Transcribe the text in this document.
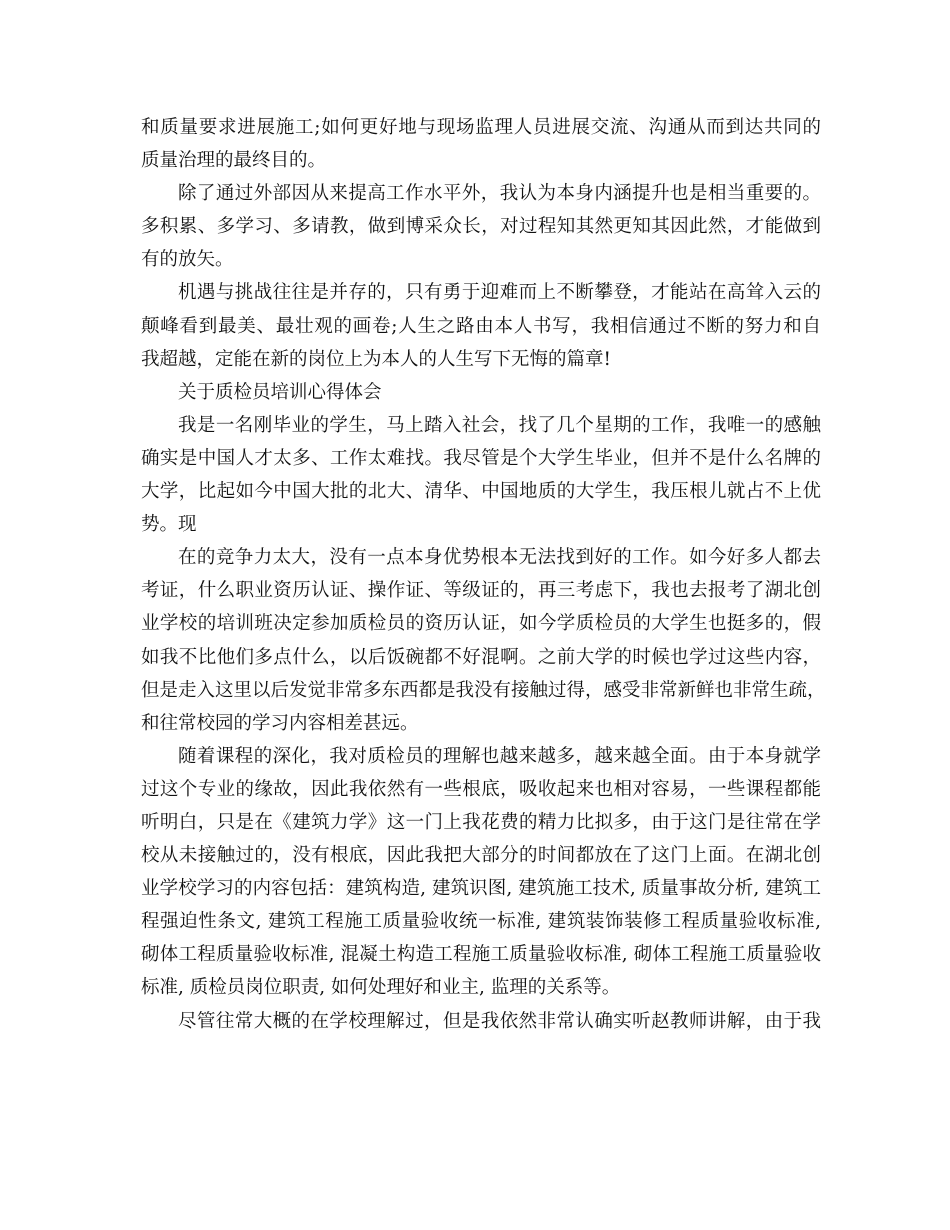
和质量要求进展施工;如何更好地与现场监理人员进展交流、沟通从而到达共同的
质量治理的最终目的。
除了通过外部因从来提高工作水平外，我认为本身内涵提升也是相当重要的。
多积累、多学习、多请教，做到博采众长，对过程知其然更知其因此然，才能做到
有的放矢。
机遇与挑战往往是并存的，只有勇于迎难而上不断攀登，才能站在高耸入云的
颠峰看到最美、最壮观的画卷;人生之路由本人书写，我相信通过不断的努力和自
我超越，定能在新的岗位上为本人的人生写下无悔的篇章!
关于质检员培训心得体会
我是一名刚毕业的学生，马上踏入社会，找了几个星期的工作，我唯一的感触
确实是中国人才太多、工作太难找。我尽管是个大学生毕业，但并不是什么名牌的
大学，比起如今中国大批的北大、清华、中国地质的大学生，我压根儿就占不上优
势。现
在的竞争力太大，没有一点本身优势根本无法找到好的工作。如今好多人都去
考证，什么职业资历认证、操作证、等级证的，再三考虑下，我也去报考了湖北创
业学校的培训班决定参加质检员的资历认证，如今学质检员的大学生也挺多的，假
如我不比他们多点什么，以后饭碗都不好混啊。之前大学的时候也学过这些内容，
但是走入这里以后发觉非常多东西都是我没有接触过得，感受非常新鲜也非常生疏，
和往常校园的学习内容相差甚远。
随着课程的深化，我对质检员的理解也越来越多，越来越全面。由于本身就学
过这个专业的缘故，因此我依然有一些根底，吸收起来也相对容易，一些课程都能
听明白，只是在《建筑力学》这一门上我花费的精力比拟多，由于这门是往常在学
校从未接触过的，没有根底，因此我把大部分的时间都放在了这门上面。在湖北创
业学校学习的内容包括：建筑构造, 建筑识图, 建筑施工技术, 质量事故分析, 建筑工
程强迫性条文, 建筑工程施工质量验收统一标准, 建筑装饰装修工程质量验收标准,
砌体工程质量验收标准, 混凝土构造工程施工质量验收标准, 砌体工程施工质量验收
标准, 质检员岗位职责, 如何处理好和业主, 监理的关系等。
尽管往常大概的在学校理解过，但是我依然非常认确实听赵教师讲解，由于我
